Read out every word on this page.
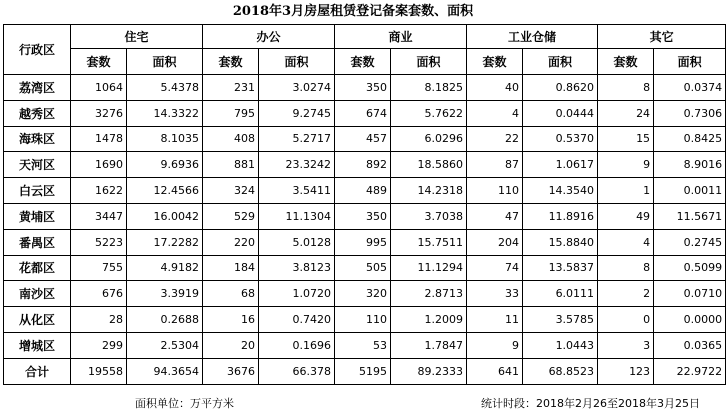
2018年3月房屋租赁登记备案套数、面积
行政区	住宅		办公		商业		工业仓储		其它	
	套数	面积	套数	面积	套数	面积	套数	面积	套数	面积
荔湾区	1064	5.4378	231	3.0274	350	8.1825	40	0.8620	8	0.0374
越秀区	3276	14.3322	795	9.2745	674	5.7622	4	0.0444	24	0.7306
海珠区	1478	8.1035	408	5.2717	457	6.0296	22	0.5370	15	0.8425
天河区	1690	9.6936	881	23.3242	892	18.5860	87	1.0617	9	8.9016
白云区	1622	12.4566	324	3.5411	489	14.2318	110	14.3540	1	0.0011
黄埔区	3447	16.0042	529	11.1304	350	3.7038	47	11.8916	49	11.5671
番禺区	5223	17.2282	220	5.0128	995	15.7511	204	15.8840	4	0.2745
花都区	755	4.9182	184	3.8123	505	11.1294	74	13.5837	8	0.5099
南沙区	676	3.3919	68	1.0720	320	2.8713	33	6.0111	2	0.0710
从化区	28	0.2688	16	0.7420	110	1.2009	11	3.5785	0	0.0000
增城区	299	2.5304	20	0.1696	53	1.7847	9	1.0443	3	0.0365
合计	19558	94.3654	3676	66.378	5195	89.2333	641	68.8523	123	22.9722
面积单位：万平方米	统计时段：2018年2月26至2018年3月25日
